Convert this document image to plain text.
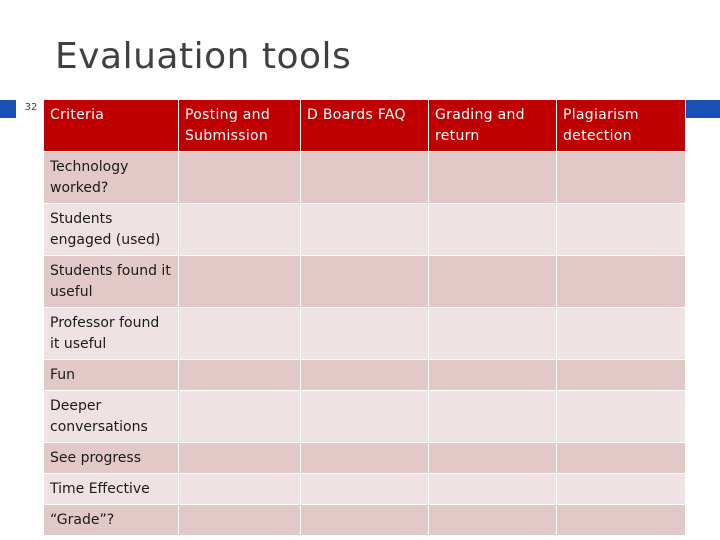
Evaluation tools
32 Criteria	Posting and Submission	D Boards FAQ	Grading and return	Plagiarism detection
Technology worked?				
Students engaged (used)				
Students found it useful				
Professor found it useful				
Fun				
Deeper conversations				
See progress				
Time Effective				
“Grade”?				
